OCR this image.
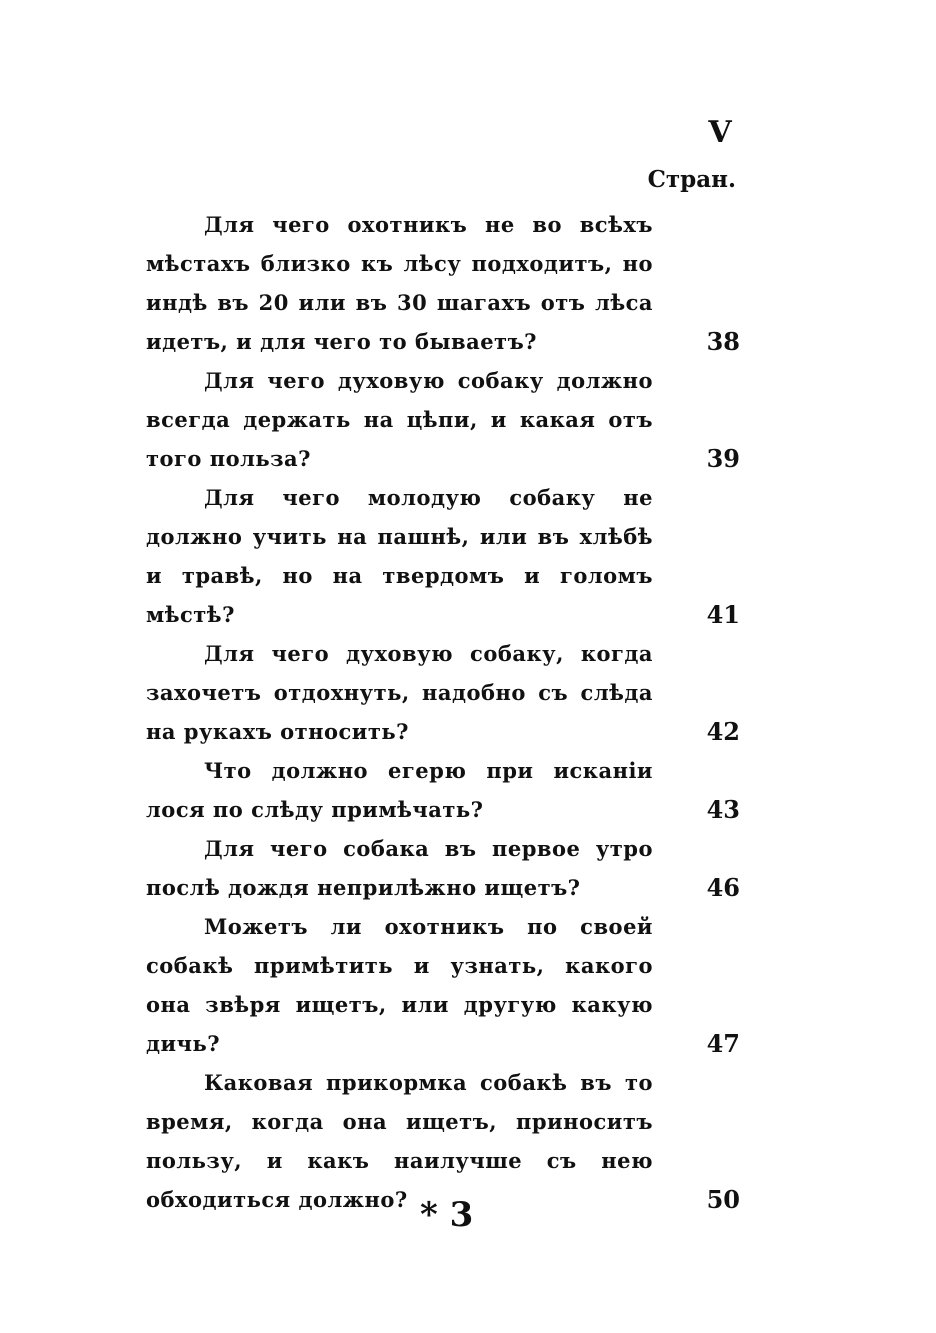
V
Стран.
Для чего охотникъ не во всѣхъ мѣстахъ близко къ лѣсу подходитъ, но индѣ въ 20 или въ 30 шагахъ отъ лѣса идетъ, и для чего то бываетъ?	38
Для чего духовую собаку должно всегда держать на цѣпи, и какая отъ того польза?	39
Для чего молодую собаку не должно учить на пашнѣ, или въ хлѣбѣ и травѣ, но на твердомъ и голомъ мѣстѣ?	41
Для чего духовую собаку, когда захочетъ отдохнуть, надобно съ слѣда на рукахъ относить?	42
Что должно егерю при исканіи лося по слѣду примѣчать?	43
Для чего собака въ первое утро послѣ дождя неприлѣжно ищетъ?	46
Можетъ ли охотникъ по своей собакѣ примѣтить и узнать, какого она звѣря ищетъ, или другую какую дичь?	47
Каковая прикормка собакѣ въ то время, когда она ищетъ, приноситъ пользу, и какъ наилучше съ нею обходиться должно?	50
* 3
